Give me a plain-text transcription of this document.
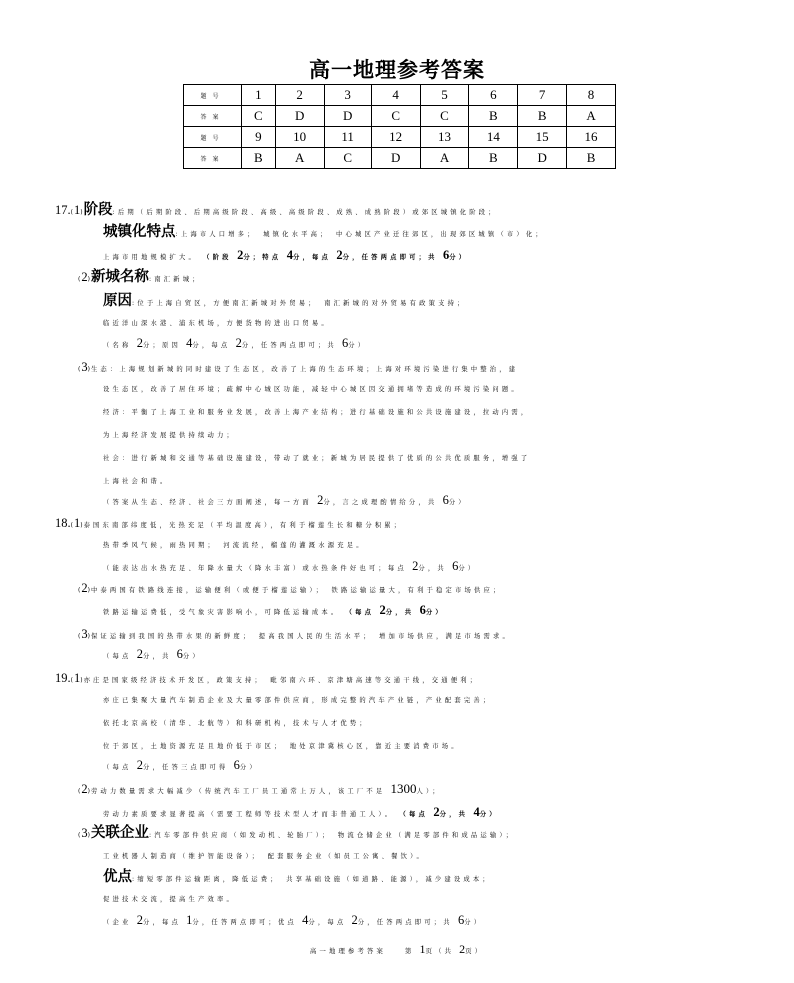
高一地理参考答案
题号	1	2	3	4	5	6	7	8
答案	C	D	D	C	C	B	B	A
题号	9	10	11	12	13	14	15	16
答案	B	A	C	D	A	B	D	B
17.(1)阶段:后期（后期阶段、后期高级阶段、高级、高级阶段、成熟、成熟阶段）或郊区城镇化阶段；
城镇化特点:上海市人口增多；　城镇化水平高；　中心城区产业迁往郊区，出现郊区城镇（市）化；
上海市用地规模扩大。 （阶段 2分；特点 4分，每点 2分，任答两点即可；共 6分）
(2)新城名称:南汇新城；
原因:位于上海自贸区，方便南汇新城对外贸易；　南汇新城的对外贸易有政策支持；
临近洋山深水港、浦东机场，方便货物的进出口贸易。
（名称 2分；原因 4分，每点 2分，任答两点即可；共 6分）
(3)生态：上海规划新城的同时建设了生态区，改善了上海的生态环境；上海对环境污染进行集中整治，建
设生态区，改善了居住环境；疏解中心城区功能，减轻中心城区因交通拥堵等造成的环境污染问题。
经济：平衡了上海工业和服务业发展，改善上海产业结构；进行基础设施和公共设施建设，拉动内需，
为上海经济发展提供持续动力；
社会：进行新城和交通等基础设施建设，带动了就业；新城为居民提供了优质的公共优质服务，增强了
上海社会和谐。
（答案从生态、经济、社会三方面阐述，每一方面 2分，言之成理酌情给分，共 6分）
18.(1)泰国东南部纬度低，光热充足（平均温度高），有利于榴莲生长和糖分积累；
热带季风气候，雨热同期；　河流流经，榴莲的灌溉水源充足。
（能表达出水热充足、年降水量大（降水丰富）或水热条件好也可；每点 2分，共 6分）
(2)中泰两国有铁路线连接，运输便利（或便于榴莲运输）；　铁路运输运量大，有利于稳定市场供应；
铁路运输运费低，受气象灾害影响小，可降低运输成本。 （每点 2分，共 6分）
(3)保证运输到我国的热带水果的新鲜度；　提高我国人民的生活水平；　增加市场供应，满足市场需求。
（每点 2分，共 6分）
19.(1)亦庄是国家级经济技术开发区，政策支持；　毗邻南六环、京津塘高速等交通干线，交通便利；
亦庄已集聚大量汽车制造企业及大量零部件供应商，形成完整的汽车产业链，产业配套完善；
依托北京高校（清华、北航等）和科研机构，技术与人才优势；
位于郊区，土地资源充足且地价低于市区；　地处京津冀核心区，靠近主要消费市场。
（每点 2分，任答三点即可得 6分）
(2)劳动力数量需求大幅减少（传统汽车工厂员工通常上万人，该工厂不足 1300人）；
劳动力素质要求显著提高（需要工程师等技术型人才而非普通工人）。 （每点 2分，共 4分）
(3)关联企业:汽车零部件供应商（如发动机、轮胎厂）；　物流仓储企业（满足零部件和成品运输）；
工业机器人制造商（维护智能设备）；　配套服务企业（如员工公寓、餐饮）。
优点:缩短零部件运输距离，降低运费；　共享基础设施（如道路、能源），减少建设成本；
促进技术交流，提高生产效率。
（企业 2分，每点 1分，任答两点即可；优点 4分，每点 2分，任答两点即可；共 6分）
高一地理参考答案　　第 1页（共 2页）
